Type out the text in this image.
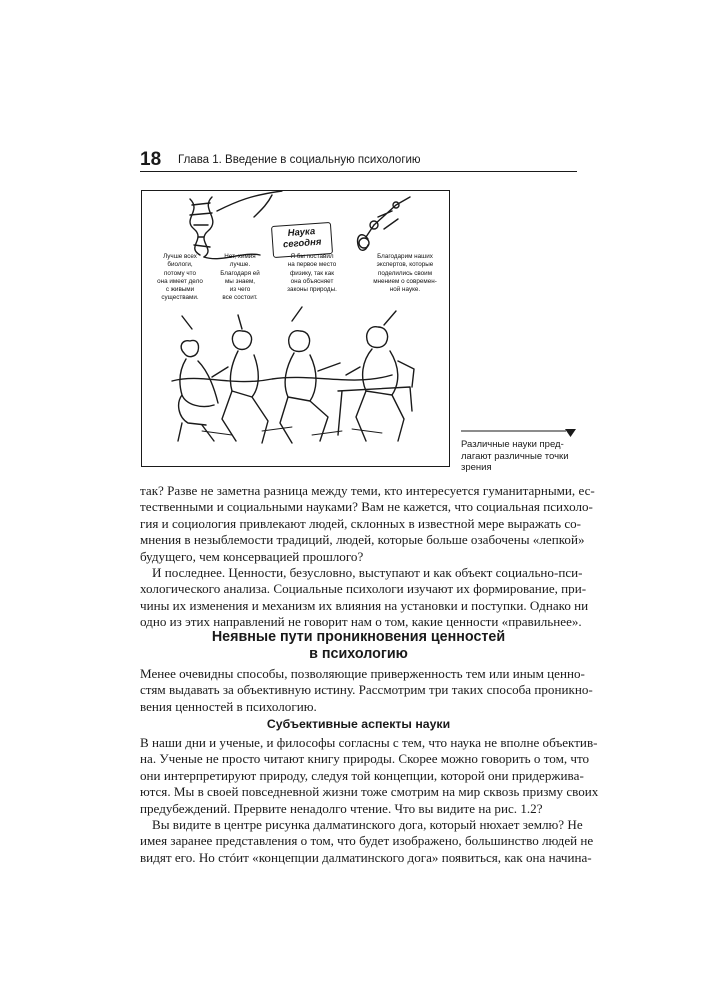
18 Глава 1. Введение в социальную психологию
Наука
сегодня
Лучше всех
биологи,
потому что
она имеет дело
с живыми
существами.
Нет, химия
лучше.
Благодаря ей
мы знаем,
из чего
все состоит.
Я бы поставил
на первое место
физику, так как
она объясняет
законы природы.
Благодарим наших
экспертов, которые
поделились своим
мнением о современ-
ной науке.
Различные науки пред-
лагают различные точки
зрения
так? Разве не заметна разница между теми, кто интересуется гуманитарными, ес-
тественными и социальными науками? Вам не кажется, что социальная психоло-
гия и социология привлекают людей, склонных в известной мере выражать со-
мнения в незыблемости традиций, людей, которые больше озабочены «лепкой»
будущего, чем консервацией прошлого?
И последнее. Ценности, безусловно, выступают и как объект социально-пси-
хологического анализа. Социальные психологи изучают их формирование, при-
чины их изменения и механизм их влияния на установки и поступки. Однако ни
одно из этих направлений не говорит нам о том, какие ценности «правильнее».
Неявные пути проникновения ценностей
в психологию
Менее очевидны способы, позволяющие приверженность тем или иным ценно-
стям выдавать за объективную истину. Рассмотрим три таких способа проникно-
вения ценностей в психологию.
Субъективные аспекты науки
В наши дни и ученые, и философы согласны с тем, что наука не вполне объектив-
на. Ученые не просто читают книгу природы. Скорее можно говорить о том, что
они интерпретируют природу, следуя той концепции, которой они придерживa-
ются. Мы в своей повседневной жизни тоже смотрим на мир сквозь призму своих
предубеждений. Прервите ненадолго чтение. Что вы видите на рис. 1.2?
Вы видите в центре рисунка далматинского дога, который нюхает землю? Не
имея заранее представления о том, что будет изображено, большинство людей не
видят его. Но стóит «концепции далматинского дога» появиться, как она начина-
